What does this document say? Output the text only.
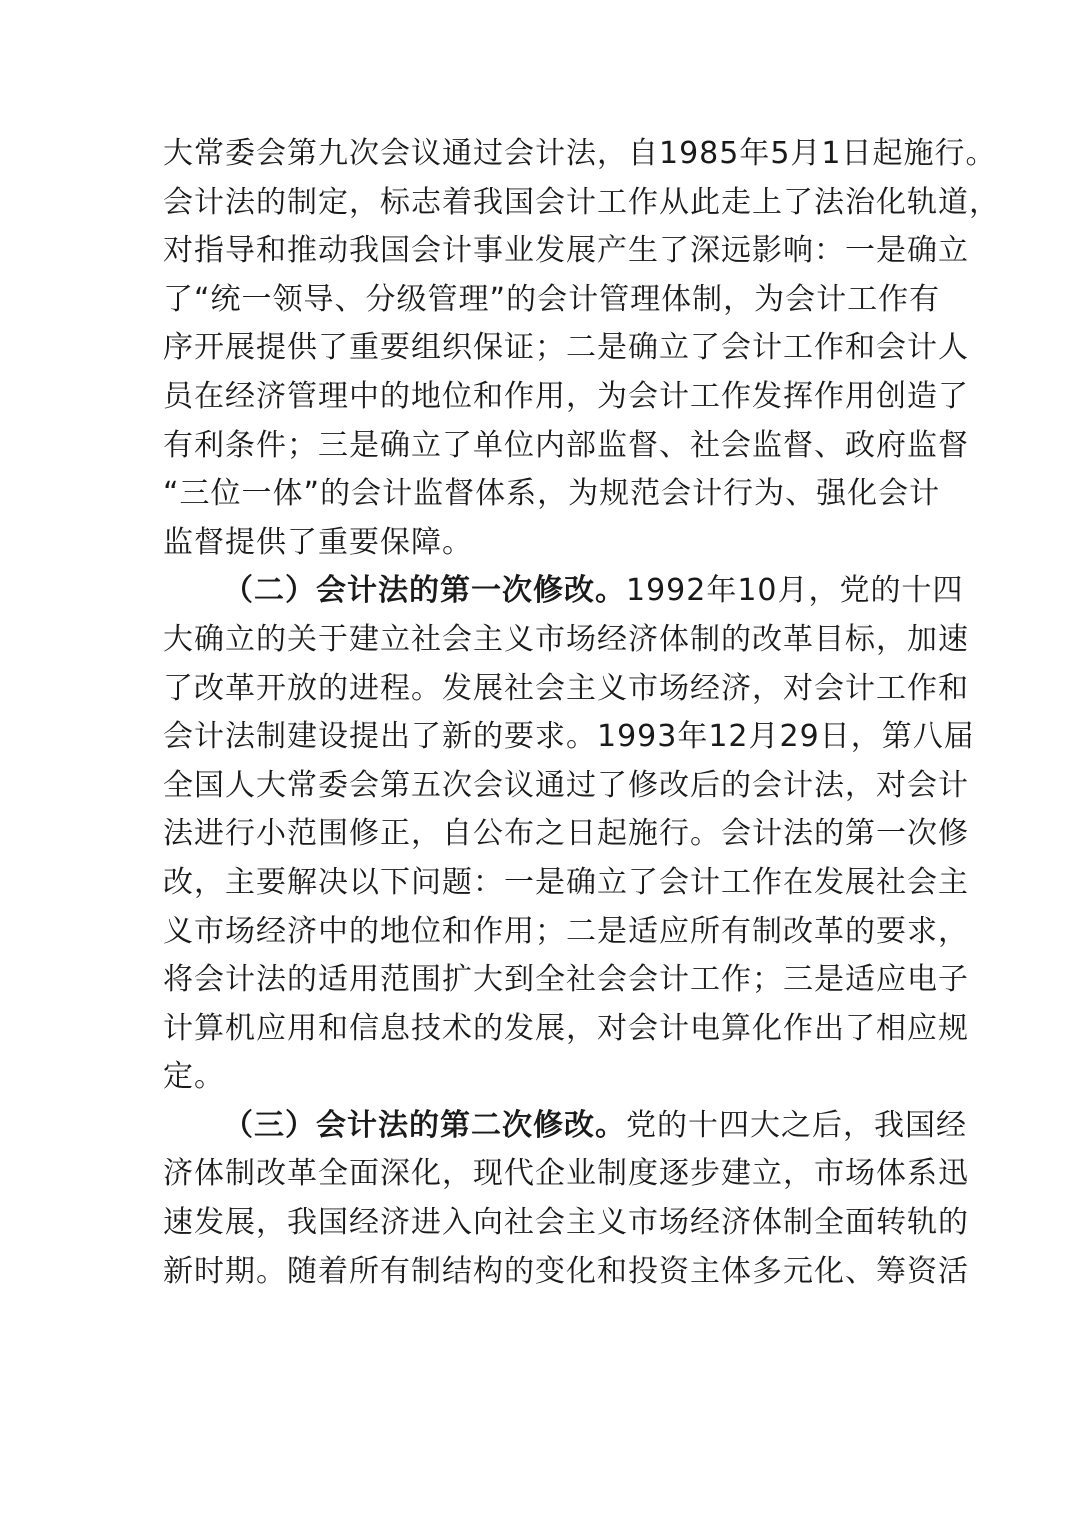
大常委会第九次会议通过会计法，自1985年5月1日起施行。
会计法的制定，标志着我国会计工作从此走上了法治化轨道，
对指导和推动我国会计事业发展产生了深远影响：一是确立
了“统一领导、分级管理”的会计管理体制，为会计工作有
序开展提供了重要组织保证；二是确立了会计工作和会计人
员在经济管理中的地位和作用，为会计工作发挥作用创造了
有利条件；三是确立了单位内部监督、社会监督、政府监督
“三位一体”的会计监督体系，为规范会计行为、强化会计
监督提供了重要保障。
（二）会计法的第一次修改。1992年10月，党的十四
大确立的关于建立社会主义市场经济体制的改革目标，加速
了改革开放的进程。发展社会主义市场经济，对会计工作和
会计法制建设提出了新的要求。1993年12月29日，第八届
全国人大常委会第五次会议通过了修改后的会计法，对会计
法进行小范围修正，自公布之日起施行。会计法的第一次修
改，主要解决以下问题：一是确立了会计工作在发展社会主
义市场经济中的地位和作用；二是适应所有制改革的要求，
将会计法的适用范围扩大到全社会会计工作；三是适应电子
计算机应用和信息技术的发展，对会计电算化作出了相应规
定。
（三）会计法的第二次修改。党的十四大之后，我国经
济体制改革全面深化，现代企业制度逐步建立，市场体系迅
速发展，我国经济进入向社会主义市场经济体制全面转轨的
新时期。随着所有制结构的变化和投资主体多元化、筹资活
